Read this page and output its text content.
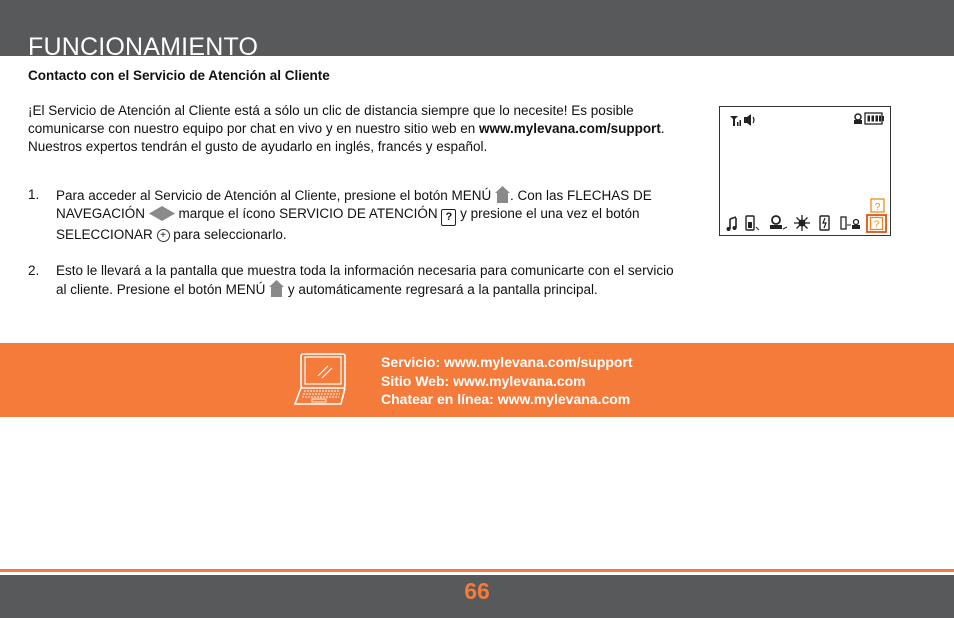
FUNCIONAMIENTO
Contacto con el Servicio de Atención al Cliente

¡El Servicio de Atención al Cliente está a sólo un clic de distancia siempre que lo necesite! Es posible comunicarse con nuestro equipo por chat en vivo y en nuestro sitio web en www.mylevana.com/support. Nuestros expertos tendrán el gusto de ayudarlo en inglés, francés y español.

1. Para acceder al Servicio de Atención al Cliente, presione el botón MENÚ . Con las FLECHAS DE NAVEGACIÓN  marque el ícono SERVICIO DE ATENCIÓN ? y presione el una vez el botón SELECCIONAR + para seleccionarlo.
2. Esto le llevará a la pantalla que muestra toda la información necesaria para comunicarte con el servicio al cliente. Presione el botón MENÚ  y automáticamente regresará a la pantalla principal.
?
?
Servicio: www.mylevana.com/support
Sitio Web: www.mylevana.com
Chatear en línea: www.mylevana.com
66
